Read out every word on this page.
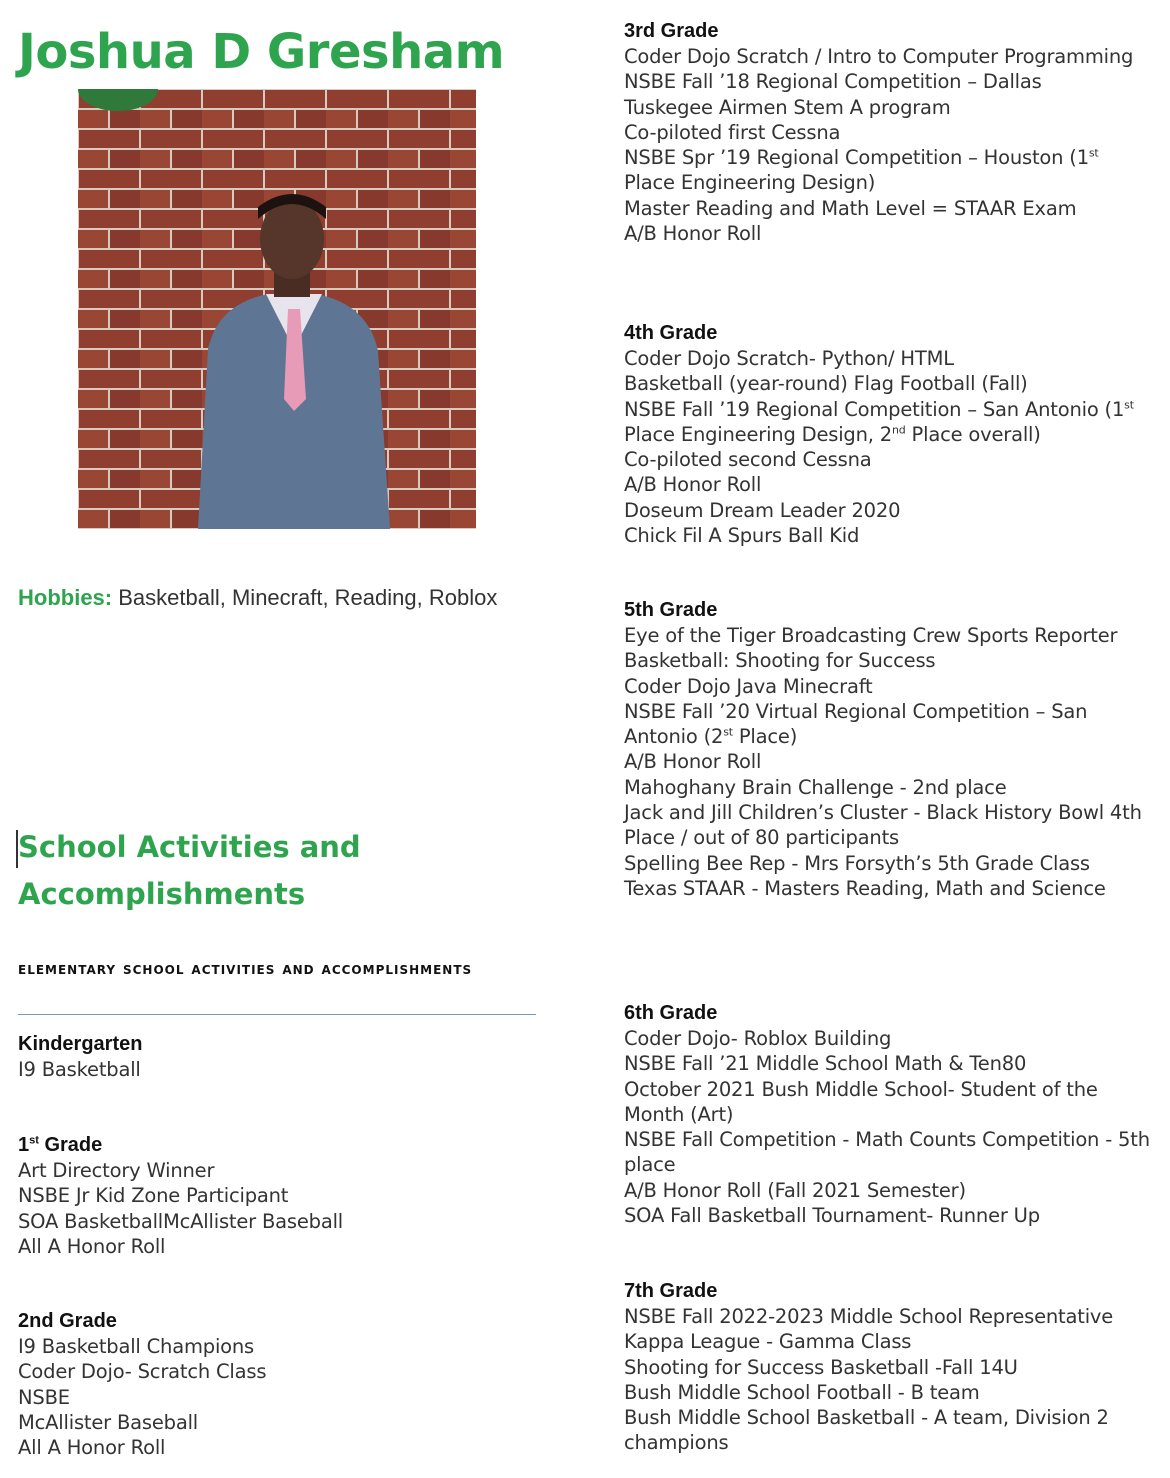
Joshua D Gresham
Hobbies: Basketball, Minecraft, Reading, Roblox
School Activities and Accomplishments
elementary school activities and accomplishments
Kindergarten
I9 Basketball
1st Grade
Art Directory Winner
NSBE Jr Kid Zone Participant
SOA BasketballMcAllister Baseball
All A Honor Roll
2nd Grade
I9 Basketball Champions
Coder Dojo- Scratch Class
NSBE
McAllister Baseball
All A Honor Roll
3rd Grade
Coder Dojo Scratch / Intro to Computer Programming
NSBE Fall ’18 Regional Competition – Dallas
Tuskegee Airmen Stem A program
Co-piloted first Cessna
NSBE Spr ’19 Regional Competition – Houston (1st Place Engineering Design)
Master Reading and Math Level = STAAR Exam
A/B Honor Roll
4th Grade
Coder Dojo Scratch- Python/ HTML
Basketball (year-round) Flag Football (Fall)
NSBE Fall ’19 Regional Competition – San Antonio (1st Place Engineering Design, 2nd Place overall)
Co-piloted second Cessna
A/B Honor Roll
Doseum Dream Leader 2020
Chick Fil A Spurs Ball Kid
5th Grade
Eye of the Tiger Broadcasting Crew Sports Reporter
Basketball: Shooting for Success
Coder Dojo Java Minecraft
NSBE Fall ’20 Virtual Regional Competition – San Antonio (2st Place)
A/B Honor Roll
Mahoghany Brain Challenge - 2nd place
Jack and Jill Children’s Cluster - Black History Bowl 4th Place / out of 80 participants
Spelling Bee Rep - Mrs Forsyth’s 5th Grade Class
Texas STAAR - Masters Reading, Math and Science
6th Grade
Coder Dojo- Roblox Building
NSBE Fall ’21 Middle School Math & Ten80
October 2021 Bush Middle School- Student of the Month (Art)
NSBE Fall Competition - Math Counts Competition - 5th place
A/B Honor Roll (Fall 2021 Semester)
SOA Fall Basketball Tournament- Runner Up
7th Grade
NSBE Fall 2022-2023 Middle School Representative
Kappa League - Gamma Class
Shooting for Success Basketball -Fall 14U
Bush Middle School Football - B team
Bush Middle School Basketball - A team, Division 2 champions
